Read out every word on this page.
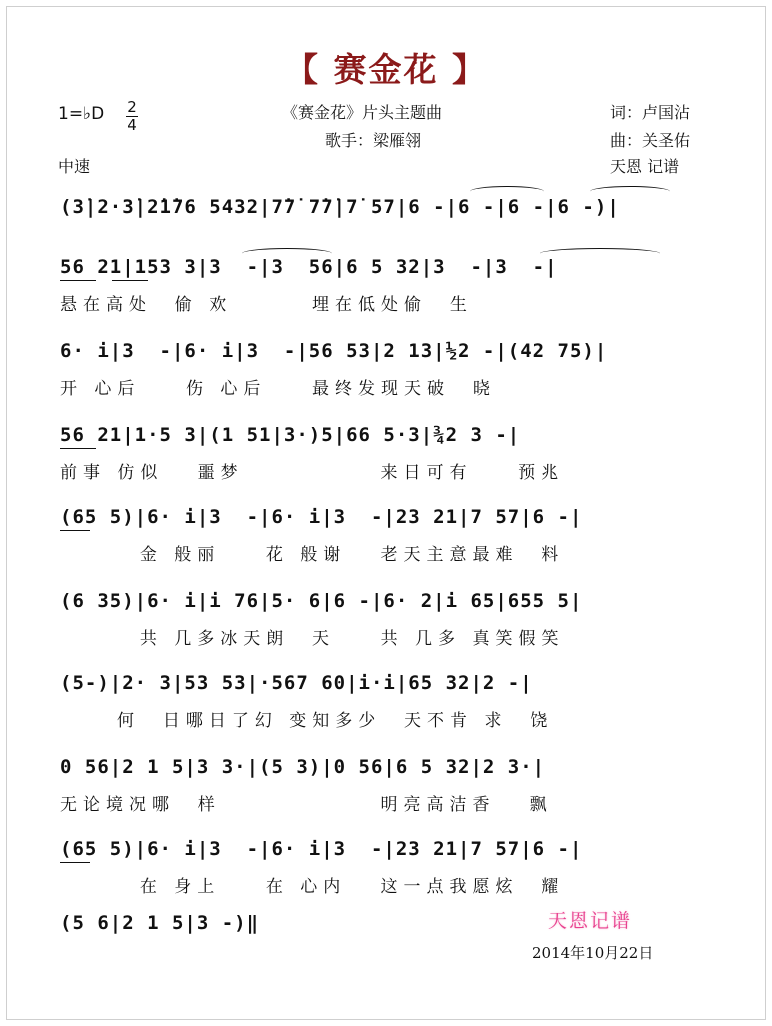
【 赛金花 】
《赛金花》片头主题曲
歌手：梁雁翎
词：卢国沾
曲：关圣佑
天恩 记谱
1=♭D 2
4
中速
(3̇|2·3̇|2̇1̇76 5432|7̇7̇ 7̇7̇|7̇ 57|6 -|6 -|6 -|6 -)|
56 21|153 3|3  -|3  56|6 5 32|3  -|3  -|
悬在高处  偷 欢       埋在低处偷  生
6· i|3  -|6· i|3  -|56 53|2 13|½2 -|(42 75)|
开 心后    伤 心后    最终发现天破  晓
56 21|1·5 3|(1 51|3·)5|66 5·3|¾2 3 -|
前事 仿似   噩梦            来日可有    预兆
(65 5)|6· i|3  -|6· i|3  -|23 21|7 57|6 -|
金 般丽    花 般谢   老天主意最难  料
(6 35)|6· i|i 76|5· 6|6 -|6· 2|i 65|655 5|
共 几多冰天朗  天    共 几多 真笑假笑
(5-)|2· 3|53 53|·567 60|i·i|65 32|2 -|
何  日哪日了幻 变知多少  天不肯 求  饶
0 56|2 1 5|3 3·|(5 3)|0 56|6 5 32|2 3·|
无论境况哪  样              明亮高洁香   飘
(65 5)|6· i|3  -|6· i|3  -|23 21|7 57|6 -|
在 身上    在 心内   这一点我愿炫  耀
(5 6|2 1 5|3 -)‖	天恩记谱
2014年10月22日
